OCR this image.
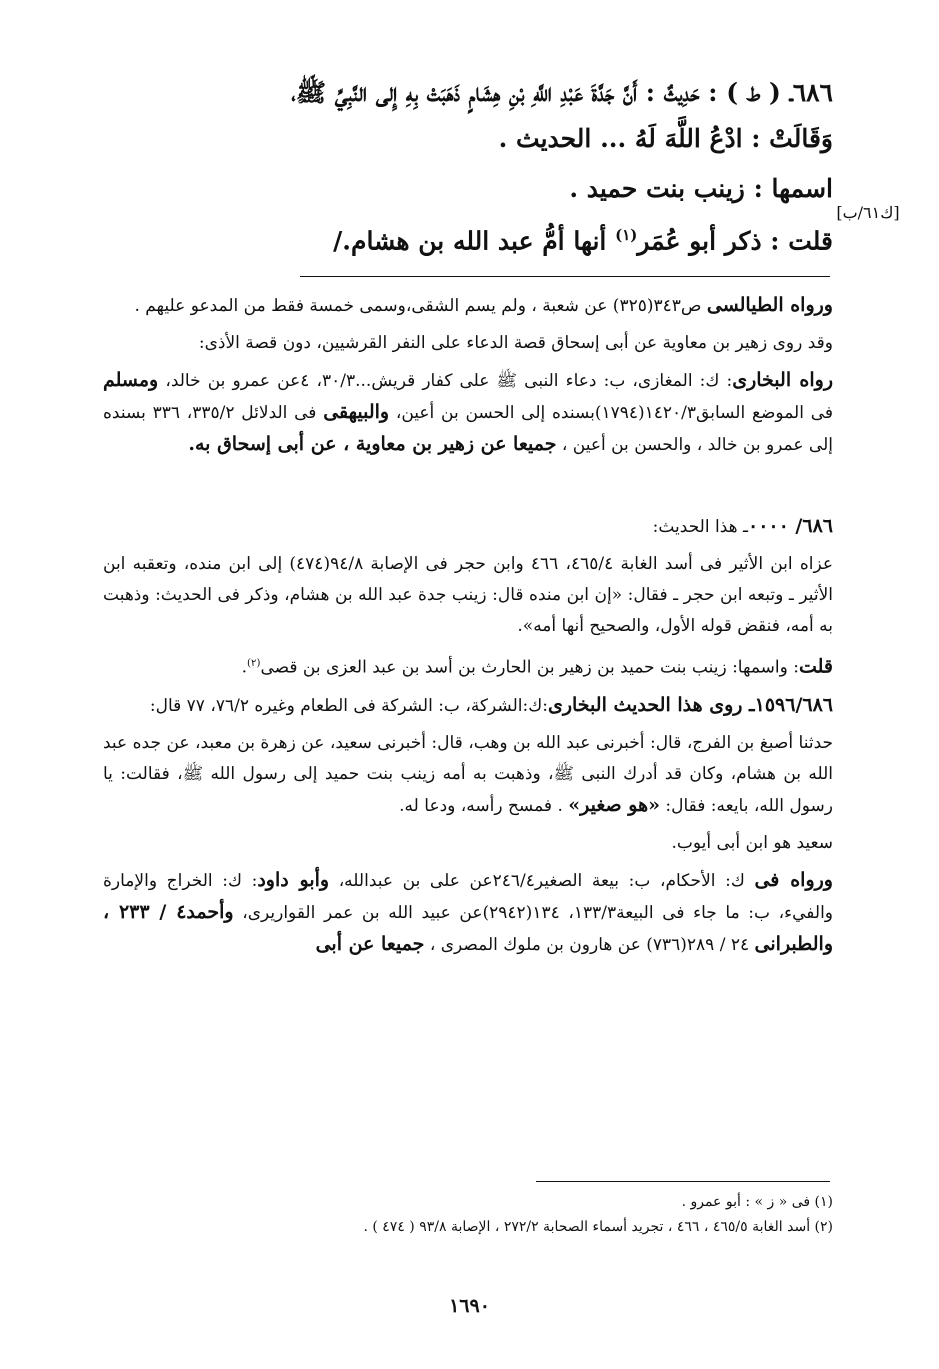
٦٨٦ـ ( ط ) : حَدِيثٌ : أَنَّ جَدَّةَ عَبْدِ اللَّهِ بْنِ هِشَامٍ ذَهَبَتْ بِهِ إِلى النَّبِيِّ ﷺ،
وَقَالَتْ : ادْعُ اللَّهَ لَهُ ... الحديث .
اسمها : زينب بنت حميد .
قلت : ذكر أبو عُمَر$^{(١)}$ أنها أمُّ عبد الله بن هشام./
[ك٦١/ب]

ورواه الطيالسى ص٣٤٣(٣٢٥) عن شعبة ، ولم يسم الشقى،وسمى خمسة فقط من المدعو عليهم .

وقد روى زهير بن معاوية عن أبى إسحاق قصة الدعاء على النفر القرشيين، دون قصة الأذى:

رواه البخارى: ك: المغازى، ب: دعاء النبى ﷺ على كفار قريش...٣٠/٣، ٤عن عمرو بن خالد، ومسلم فى الموضع السابق١٤٢٠/٣(١٧٩٤)بسنده إلى الحسن بن أعين، والبيهقى فى الدلائل ٣٣٥/٢، ٣٣٦ بسنده إلى عمرو بن خالد ، والحسن بن أعين ، جميعا عن زهير بن معاوية ، عن أبى إسحاق به.

٦٨٦/ ٠٠٠٠ـ هذا الحديث:

عزاه ابن الأثير فى أسد الغابة ٤٦٥/٤، ٤٦٦ وابن حجر فى الإصابة ٩٤/٨(٤٧٤) إلى ابن منده، وتعقبه ابن الأثير ـ وتبعه ابن حجر ـ فقال: «إن ابن منده قال: زينب جدة عبد الله بن هشام، وذكر فى الحديث: وذهبت به أمه، فنقض قوله الأول، والصحيح أنها أمه».

قلت: واسمها: زينب بنت حميد بن زهير بن الحارث بن أسد بن عبد العزى بن قصى$^{(٢)}$.

١٥٩٦/٦٨٦ـ روى هذا الحديث البخارى:ك:الشركة، ب: الشركة فى الطعام وغيره ٧٦/٢، ٧٧ قال:

حدثنا أصبغ بن الفرج، قال: أخبرنى عبد الله بن وهب، قال: أخبرنى سعيد، عن زهرة بن معبد، عن جده عبد الله بن هشام، وكان قد أدرك النبى ﷺ، وذهبت به أمه زينب بنت حميد إلى رسول الله ﷺ، فقالت: يا رسول الله، بايعه: فقال: «هو صغير» . فمسح رأسه، ودعا له.

سعيد هو ابن أبى أيوب.

ورواه فى ك: الأحكام، ب: بيعة الصغير٢٤٦/٤عن على بن عبدالله، وأبو داود: ك: الخراج والإمارة والفيء، ب: ما جاء فى البيعة١٣٣/٣، ١٣٤(٢٩٤٢)عن عبيد الله بن عمر القواريرى، وأحمد٤ / ٢٣٣ ، والطبرانى ٢٤ / ٢٨٩(٧٣٦) عن هارون بن ملوك المصرى ، جميعا عن أبى

(١) فى « ز » : أبو عمرو .

(٢) أسد الغابة ٤٦٥/٥ ، ٤٦٦ ، تجريد أسماء الصحابة ٢٧٢/٢ ، الإصابة ٩٣/٨ ( ٤٧٤ ) .

١٦٩٠
